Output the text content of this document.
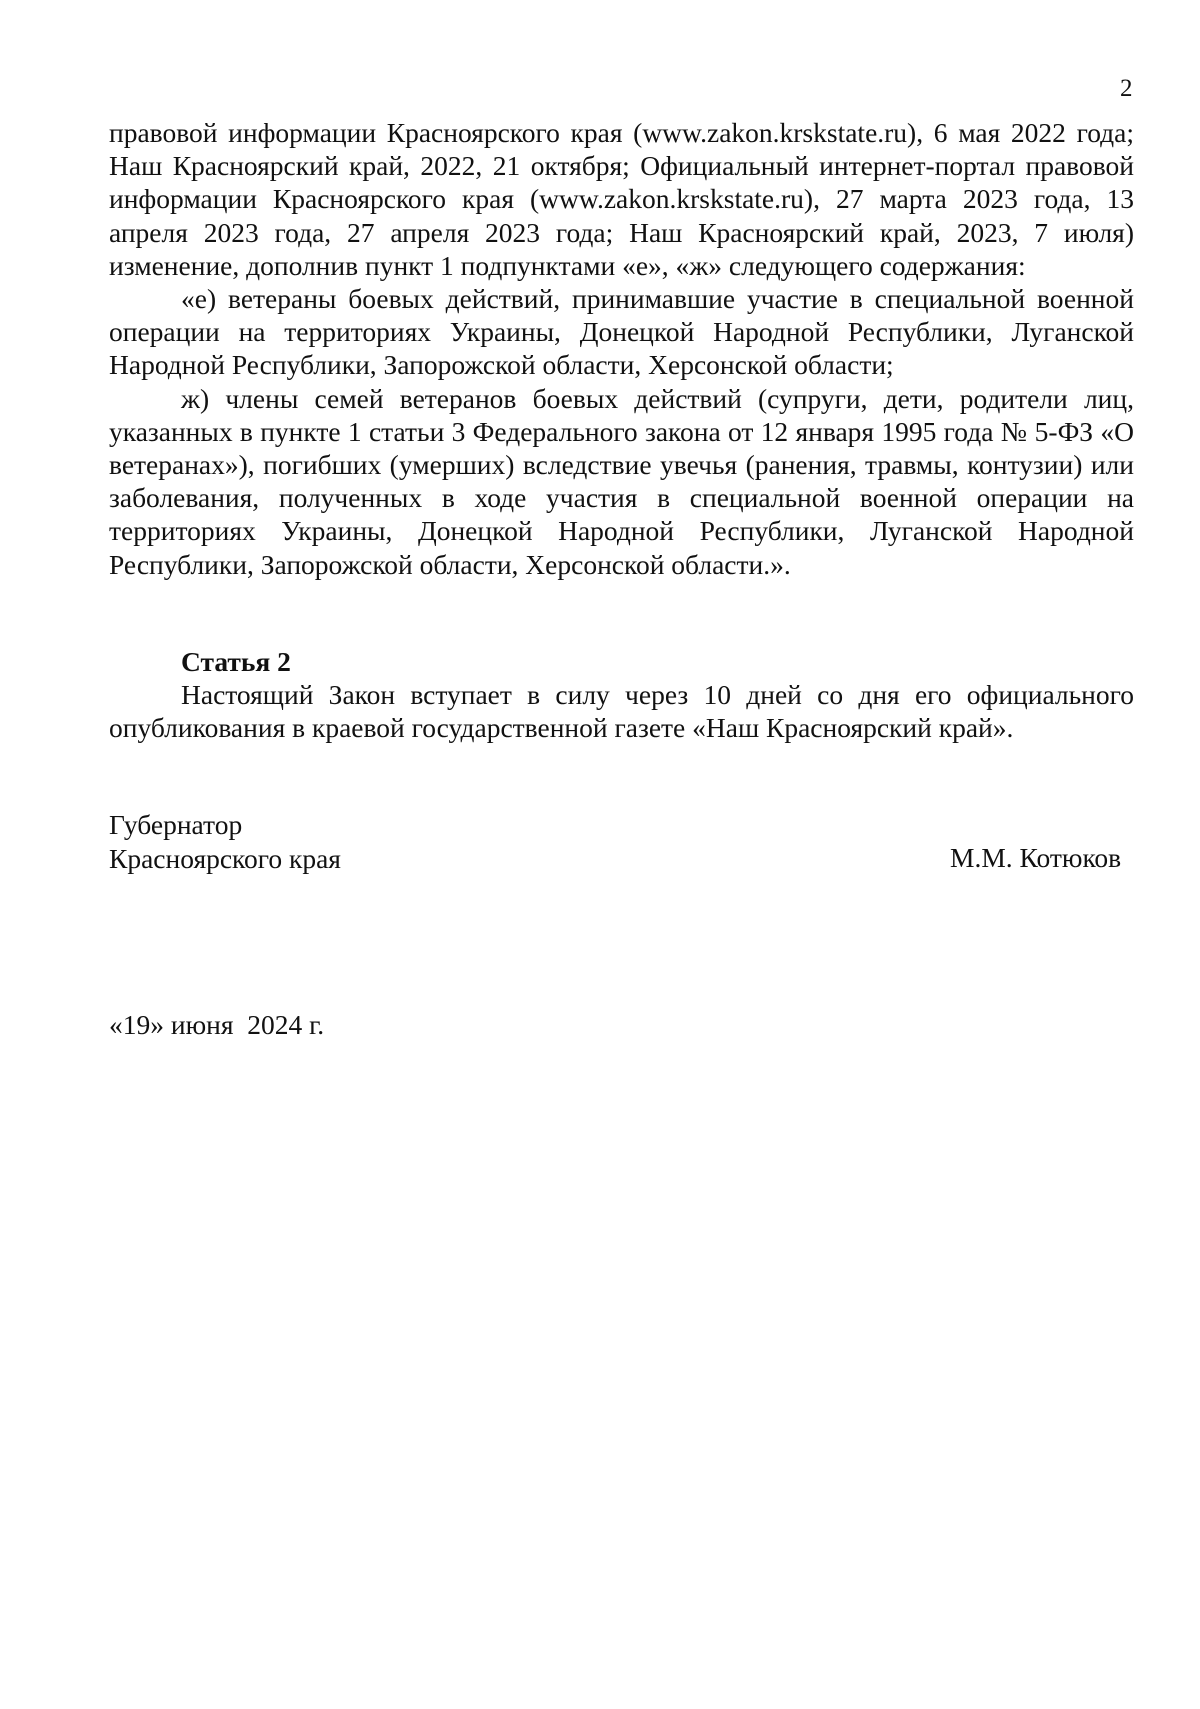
2

правовой информации Красноярского края (www.zakon.krskstate.ru), 6 мая 2022 года; Наш Красноярский край, 2022, 21 октября; Официальный интернет-портал правовой информации Красноярского края (www.zakon.krskstate.ru), 27 марта 2023 года, 13 апреля 2023 года, 27 апреля 2023 года; Наш Красноярский край, 2023, 7 июля) изменение, дополнив пункт 1 подпунктами «е», «ж» следующего содержания:

«е) ветераны боевых действий, принимавшие участие в специальной военной операции на территориях Украины, Донецкой Народной Республики, Луганской Народной Республики, Запорожской области, Херсонской области;

ж) члены семей ветеранов боевых действий (супруги, дети, родители лиц, указанных в пункте 1 статьи 3 Федерального закона от 12 января 1995 года № 5-ФЗ «О ветеранах»), погибших (умерших) вследствие увечья (ранения, травмы, контузии) или заболевания, полученных в ходе участия в специальной военной операции на территориях Украины, Донецкой Народной Республики, Луганской Народной Республики, Запорожской области, Херсонской области.».

Статья 2

Настоящий Закон вступает в силу через 10 дней со дня его официального опубликования в краевой государственной газете «Наш Красноярский край».

Губернатор
Красноярского края	М.М. Котюков
«19» июня  2024 г.
